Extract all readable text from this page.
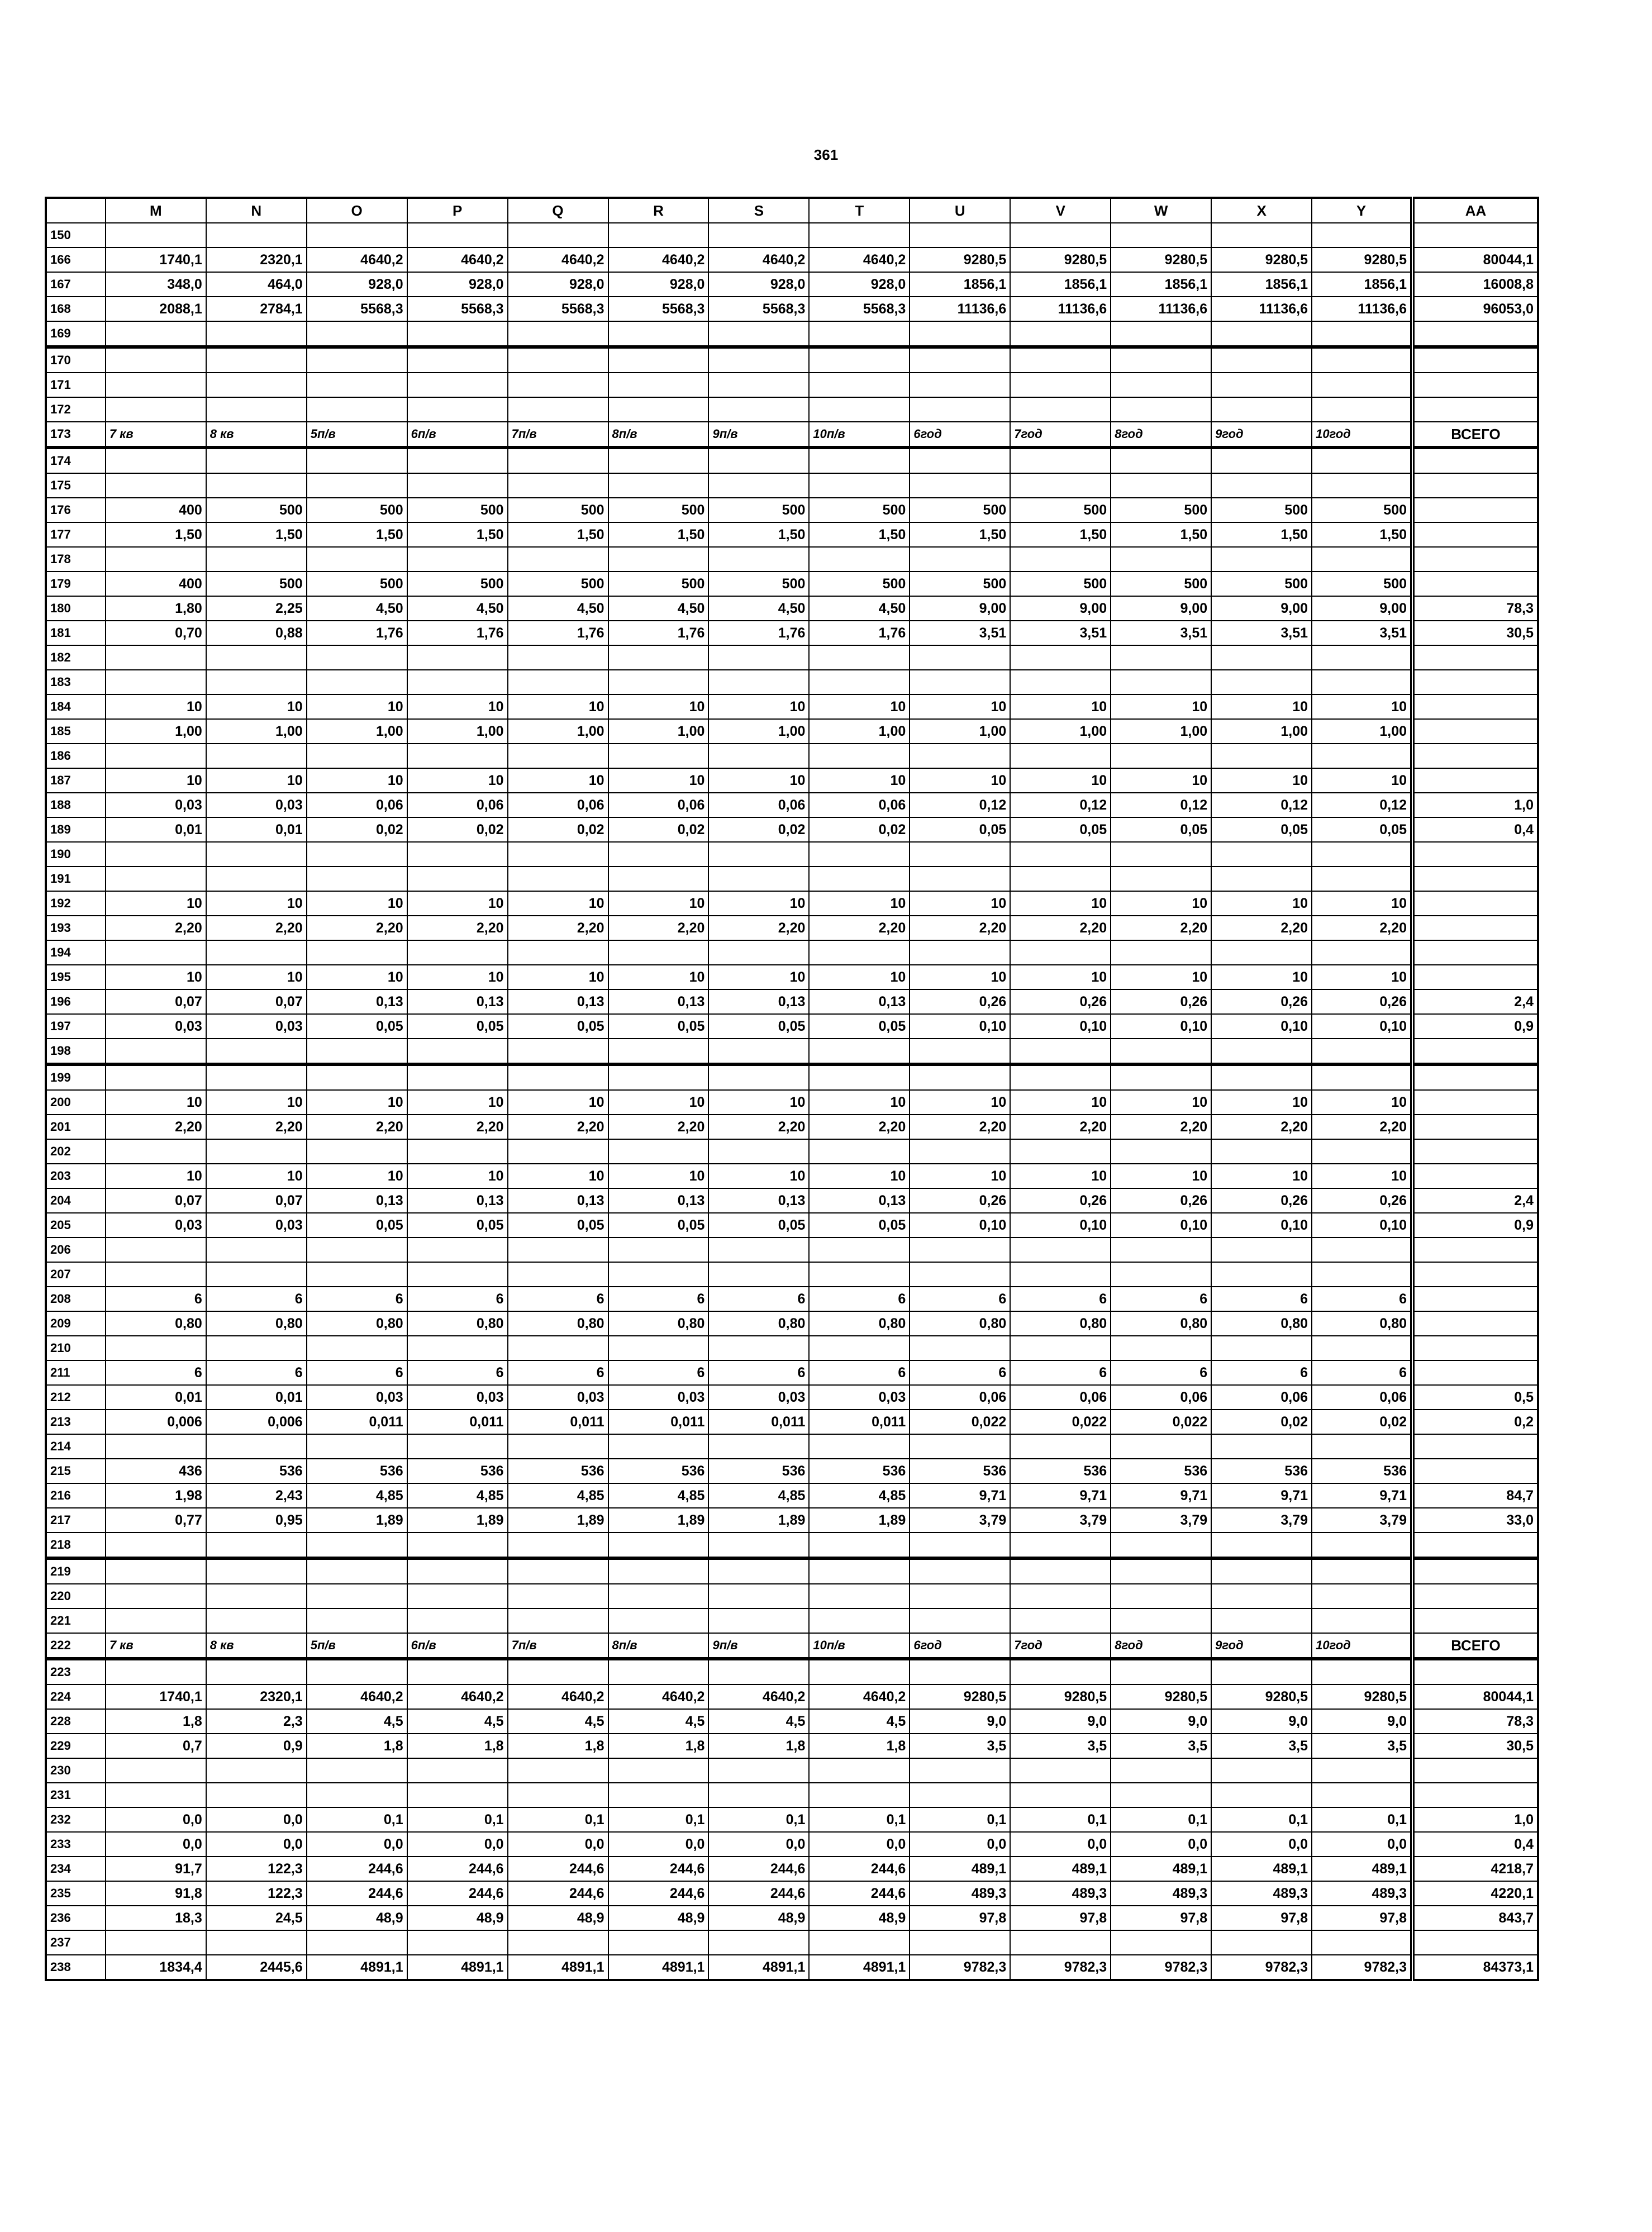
361
	M	N	O	P	Q	R	S	T	U	V	W	X	Y	AA
150														
166	1740,1	2320,1	4640,2	4640,2	4640,2	4640,2	4640,2	4640,2	9280,5	9280,5	9280,5	9280,5	9280,5	80044,1
167	348,0	464,0	928,0	928,0	928,0	928,0	928,0	928,0	1856,1	1856,1	1856,1	1856,1	1856,1	16008,8
168	2088,1	2784,1	5568,3	5568,3	5568,3	5568,3	5568,3	5568,3	11136,6	11136,6	11136,6	11136,6	11136,6	96053,0
169														
170														
171														
172														
173	7 кв	8 кв	5п/в	6п/в	7п/в	8п/в	9п/в	10п/в	6год	7год	8год	9год	10год	ВСЕГО
174														
175														
176	400	500	500	500	500	500	500	500	500	500	500	500	500	
177	1,50	1,50	1,50	1,50	1,50	1,50	1,50	1,50	1,50	1,50	1,50	1,50	1,50	
178														
179	400	500	500	500	500	500	500	500	500	500	500	500	500	
180	1,80	2,25	4,50	4,50	4,50	4,50	4,50	4,50	9,00	9,00	9,00	9,00	9,00	78,3
181	0,70	0,88	1,76	1,76	1,76	1,76	1,76	1,76	3,51	3,51	3,51	3,51	3,51	30,5
182														
183														
184	10	10	10	10	10	10	10	10	10	10	10	10	10	
185	1,00	1,00	1,00	1,00	1,00	1,00	1,00	1,00	1,00	1,00	1,00	1,00	1,00	
186														
187	10	10	10	10	10	10	10	10	10	10	10	10	10	
188	0,03	0,03	0,06	0,06	0,06	0,06	0,06	0,06	0,12	0,12	0,12	0,12	0,12	1,0
189	0,01	0,01	0,02	0,02	0,02	0,02	0,02	0,02	0,05	0,05	0,05	0,05	0,05	0,4
190														
191														
192	10	10	10	10	10	10	10	10	10	10	10	10	10	
193	2,20	2,20	2,20	2,20	2,20	2,20	2,20	2,20	2,20	2,20	2,20	2,20	2,20	
194														
195	10	10	10	10	10	10	10	10	10	10	10	10	10	
196	0,07	0,07	0,13	0,13	0,13	0,13	0,13	0,13	0,26	0,26	0,26	0,26	0,26	2,4
197	0,03	0,03	0,05	0,05	0,05	0,05	0,05	0,05	0,10	0,10	0,10	0,10	0,10	0,9
198														
199														
200	10	10	10	10	10	10	10	10	10	10	10	10	10	
201	2,20	2,20	2,20	2,20	2,20	2,20	2,20	2,20	2,20	2,20	2,20	2,20	2,20	
202														
203	10	10	10	10	10	10	10	10	10	10	10	10	10	
204	0,07	0,07	0,13	0,13	0,13	0,13	0,13	0,13	0,26	0,26	0,26	0,26	0,26	2,4
205	0,03	0,03	0,05	0,05	0,05	0,05	0,05	0,05	0,10	0,10	0,10	0,10	0,10	0,9
206														
207														
208	6	6	6	6	6	6	6	6	6	6	6	6	6	
209	0,80	0,80	0,80	0,80	0,80	0,80	0,80	0,80	0,80	0,80	0,80	0,80	0,80	
210														
211	6	6	6	6	6	6	6	6	6	6	6	6	6	
212	0,01	0,01	0,03	0,03	0,03	0,03	0,03	0,03	0,06	0,06	0,06	0,06	0,06	0,5
213	0,006	0,006	0,011	0,011	0,011	0,011	0,011	0,011	0,022	0,022	0,022	0,02	0,02	0,2
214														
215	436	536	536	536	536	536	536	536	536	536	536	536	536	
216	1,98	2,43	4,85	4,85	4,85	4,85	4,85	4,85	9,71	9,71	9,71	9,71	9,71	84,7
217	0,77	0,95	1,89	1,89	1,89	1,89	1,89	1,89	3,79	3,79	3,79	3,79	3,79	33,0
218														
219														
220														
221														
222	7 кв	8 кв	5п/в	6п/в	7п/в	8п/в	9п/в	10п/в	6год	7год	8год	9год	10год	ВСЕГО
223														
224	1740,1	2320,1	4640,2	4640,2	4640,2	4640,2	4640,2	4640,2	9280,5	9280,5	9280,5	9280,5	9280,5	80044,1
228	1,8	2,3	4,5	4,5	4,5	4,5	4,5	4,5	9,0	9,0	9,0	9,0	9,0	78,3
229	0,7	0,9	1,8	1,8	1,8	1,8	1,8	1,8	3,5	3,5	3,5	3,5	3,5	30,5
230														
231														
232	0,0	0,0	0,1	0,1	0,1	0,1	0,1	0,1	0,1	0,1	0,1	0,1	0,1	1,0
233	0,0	0,0	0,0	0,0	0,0	0,0	0,0	0,0	0,0	0,0	0,0	0,0	0,0	0,4
234	91,7	122,3	244,6	244,6	244,6	244,6	244,6	244,6	489,1	489,1	489,1	489,1	489,1	4218,7
235	91,8	122,3	244,6	244,6	244,6	244,6	244,6	244,6	489,3	489,3	489,3	489,3	489,3	4220,1
236	18,3	24,5	48,9	48,9	48,9	48,9	48,9	48,9	97,8	97,8	97,8	97,8	97,8	843,7
237														
238	1834,4	2445,6	4891,1	4891,1	4891,1	4891,1	4891,1	4891,1	9782,3	9782,3	9782,3	9782,3	9782,3	84373,1
